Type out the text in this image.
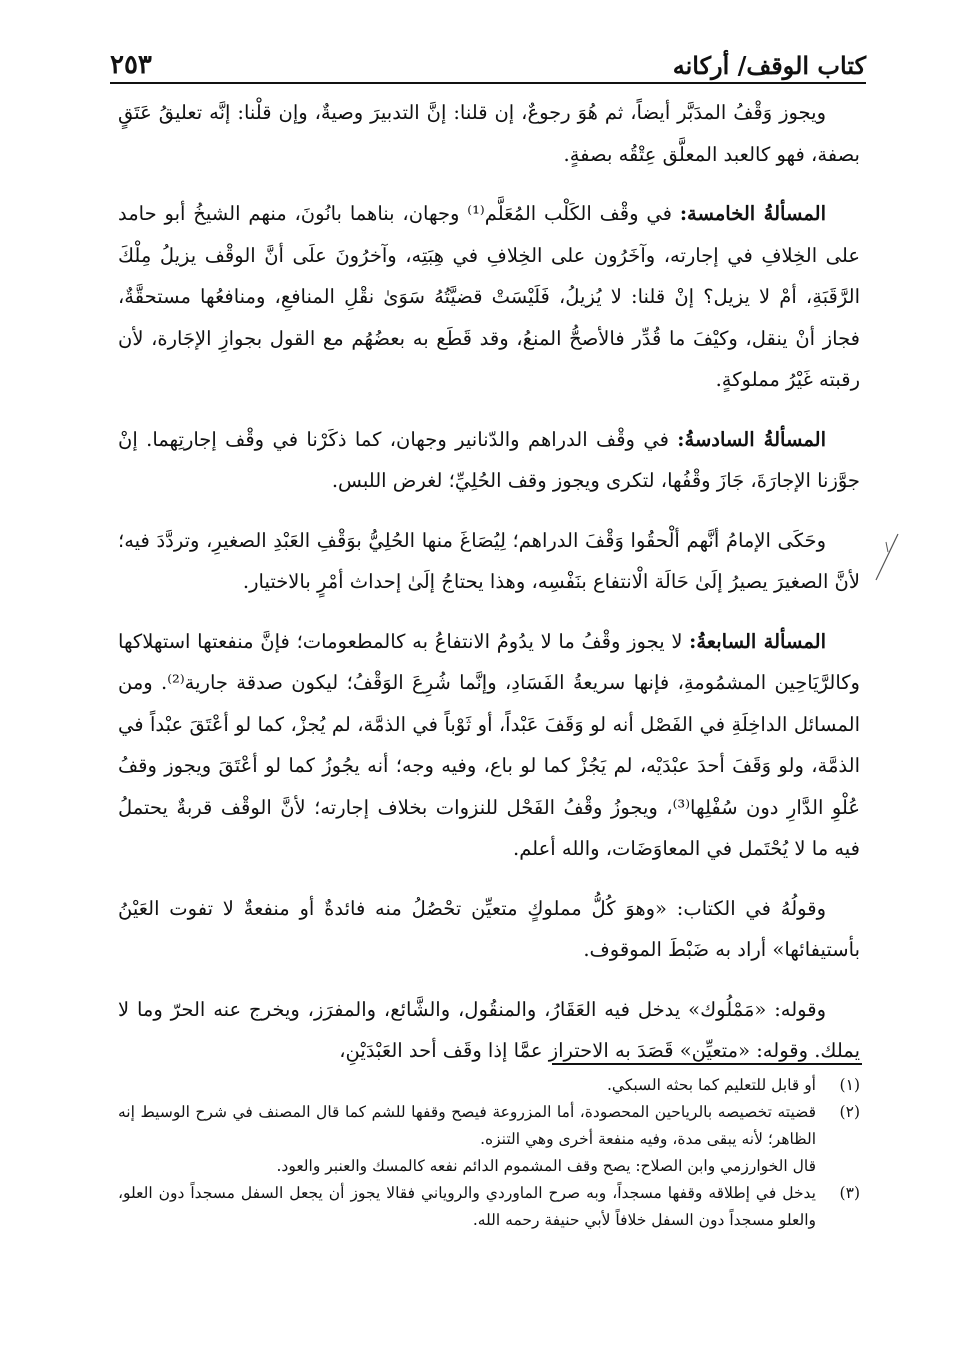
كتاب الوقف/ أركانه
٢٥٣

ويجوز وَقْفُ المدَبَّر أيضاً، ثم هُوَ رجوعٌ، إن قلنا: إنَّ التدبيرَ وصيةٌ، وإن قلْنا: إنَّه تعليقُ عَتَقٍ بصفة، فهو كالعبد المعلَّق عِتْقُه بصفةٍ.

المسألةُ الخامسة: في وقْف الكَلْب المُعَلَّم⁽¹⁾ وجهان، بناهما بانُونَ، منهم الشيخُ أبو حامد على الخِلافِ في إجارته، وآخَرُون على الخِلافِ في هِبَتِه، وآخرُونَ علَى أنَّ الوقْف يزيلُ مِلْكَ الرَّقَبَةِ، أمْ لا يزيل؟ إنْ قلنا: لا يُزيلُ، فَلَيْسَتْ قضيَّتُهُ سَوَىٰ نقْلِ المنافعِ، ومنافعُها مستحقَّةٌ، فجاز أنْ ينقل، وكيْفَ ما قُدِّر فالأصحُّ المنعُ، وقد قَطَع به بعضُهُم مع القول بجوازِ الإجَارة، لأن رقبته غَيْرُ مملوكةٍ.

المسألةُ السادسةُ: في وقْف الدراهم والدّنانير وجهان، كما ذكَرْنا في وقْف إجارتِهما. إنْ جوَّزنا الإجارَةَ، جَازَ وقْفُها، لتكرى ويجوز وقف الحُلِيِّ؛ لغرض اللبس.

وحَكَى الإمامُ أنَّهم ألْحقُوا وَقْفَ الدراهم؛ لِيُصَاغَ منها الحُلِيُّ بوَقْفِ العَبْدِ الصغيرِ، وتردَّدَ فيه؛ لأنَّ الصغيرَ يصيرُ إلَىٰ حَالَة الْانتفاع بنَفْسِه، وهذا يحتاجُ إلَىٰ إحداث أمْرٍ بالاختيار.

المسألة السابعةُ: لا يجوز وقْفُ ما لا يدُومُ الانتفاعُ به كالمطعومات؛ فإنَّ منفعتها استهلاكها وكالرَّيَاحِين المشمُومةِ، فإنها سريعةُ الفَسَادِ، وإنَّما شُرِعَ الوَقْفُ؛ ليكون صدقة جارية⁽²⁾. ومن المسائل الداخِلَةِ في الفَصْل أنه لو وَقَفَ عَبْداً، أو ثَوْباً في الذمَّة، لم يُجزْ، كما لو أعْتَقَ عبْداً في الذمَّة، ولو وَقَفَ أحدَ عبْدَيْه، لم يَجُزْ كما لو باع، وفيه وجه؛ أنه يجُوزُ كما لو أعْتَقَ ويجوز وقفُ عُلْوِ الدَّارِ دون سُفْلِها⁽³⁾، ويجوزُ وقْفُ الفَحْل للنزوات بخلاف إجارته؛ لأنَّ الوقْف قربةٌ يحتملُ فيه ما لا يُحْتَمل في المعاوَضَات، والله أعلم.

وقولُهُ في الكتاب: «وهوَ كُلُّ مملوكٍ متعيِّن تحْصُلُ منه فائدةٌ أو منفعةٌ لا تفوت العَيْنُ بأستيفائها» أراد به ضَبْطَ الموقوف.

وقوله: «مَمْلُوك» يدخل فيه العَقَارُ، والمنقُول، والشَّائع، والمفرَز، ويخرج عنه الحرّ وما لا يملك. وقوله: «متعيِّن» قَصَدَ به الاحتراز عمَّا إذا وقَف أحد العَبْدَيْنِ،

(١)
أو قابل للتعليم كما بحثه السبكي.
(٢)
قضيته تخصيصه بالرياحين المحصودة، أما المزروعة فيصح وقفها للشم كما قال المصنف في شرح الوسيط إنه الظاهر؛ لأنه يبقى مدة، وفيه منفعة أخرى وهي التنزه.
قال الخوارزمي وابن الصلاح: يصح وقف المشموم الدائم نفعه كالمسك والعنبر والعود.
(٣)
يدخل في إطلاقه وقفها مسجداً، وبه صرح الماوردي والروياني فقالا يجوز أن يجعل السفل مسجداً دون العلو، والعلو مسجداً دون السفل خلافاً لأبي حنيفة رحمه الله.
